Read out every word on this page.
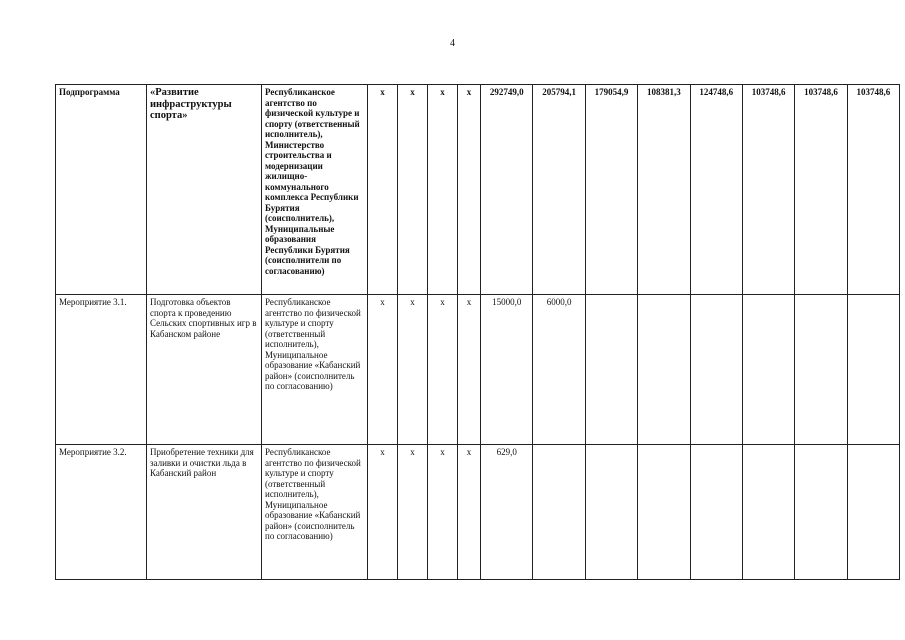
4
Подпрограмма	«Развитие инфраструктуры спорта»	Республиканское агентство по физической культуре и спорту (ответственный исполнитель), Министерство строительства и модернизации жилищно-коммунального комплекса Республики Бурятия (соисполнитель), Муниципальные образования Республики Бурятия (соисполнители по согласованию)	х	х	х	х	292749,0	205794,1	179054,9	108381,3	124748,6	103748,6	103748,6	103748,6
Мероприятие 3.1.	Подготовка объектов спорта к проведению Сельских спортивных игр в Кабанском районе	Республиканское агентство по физической культуре и спорту (ответственный исполнитель), Муниципальное образование «Кабанский район» (соисполнитель по согласованию)	х	х	х	х	15000,0	6000,0						
Мероприятие 3.2.	Приобретение техники для заливки и очистки льда в Кабанский район	Республиканское агентство по физической культуре и спорту (ответственный исполнитель), Муниципальное образование «Кабанский район» (соисполнитель по согласованию)	х	х	х	х	629,0							
